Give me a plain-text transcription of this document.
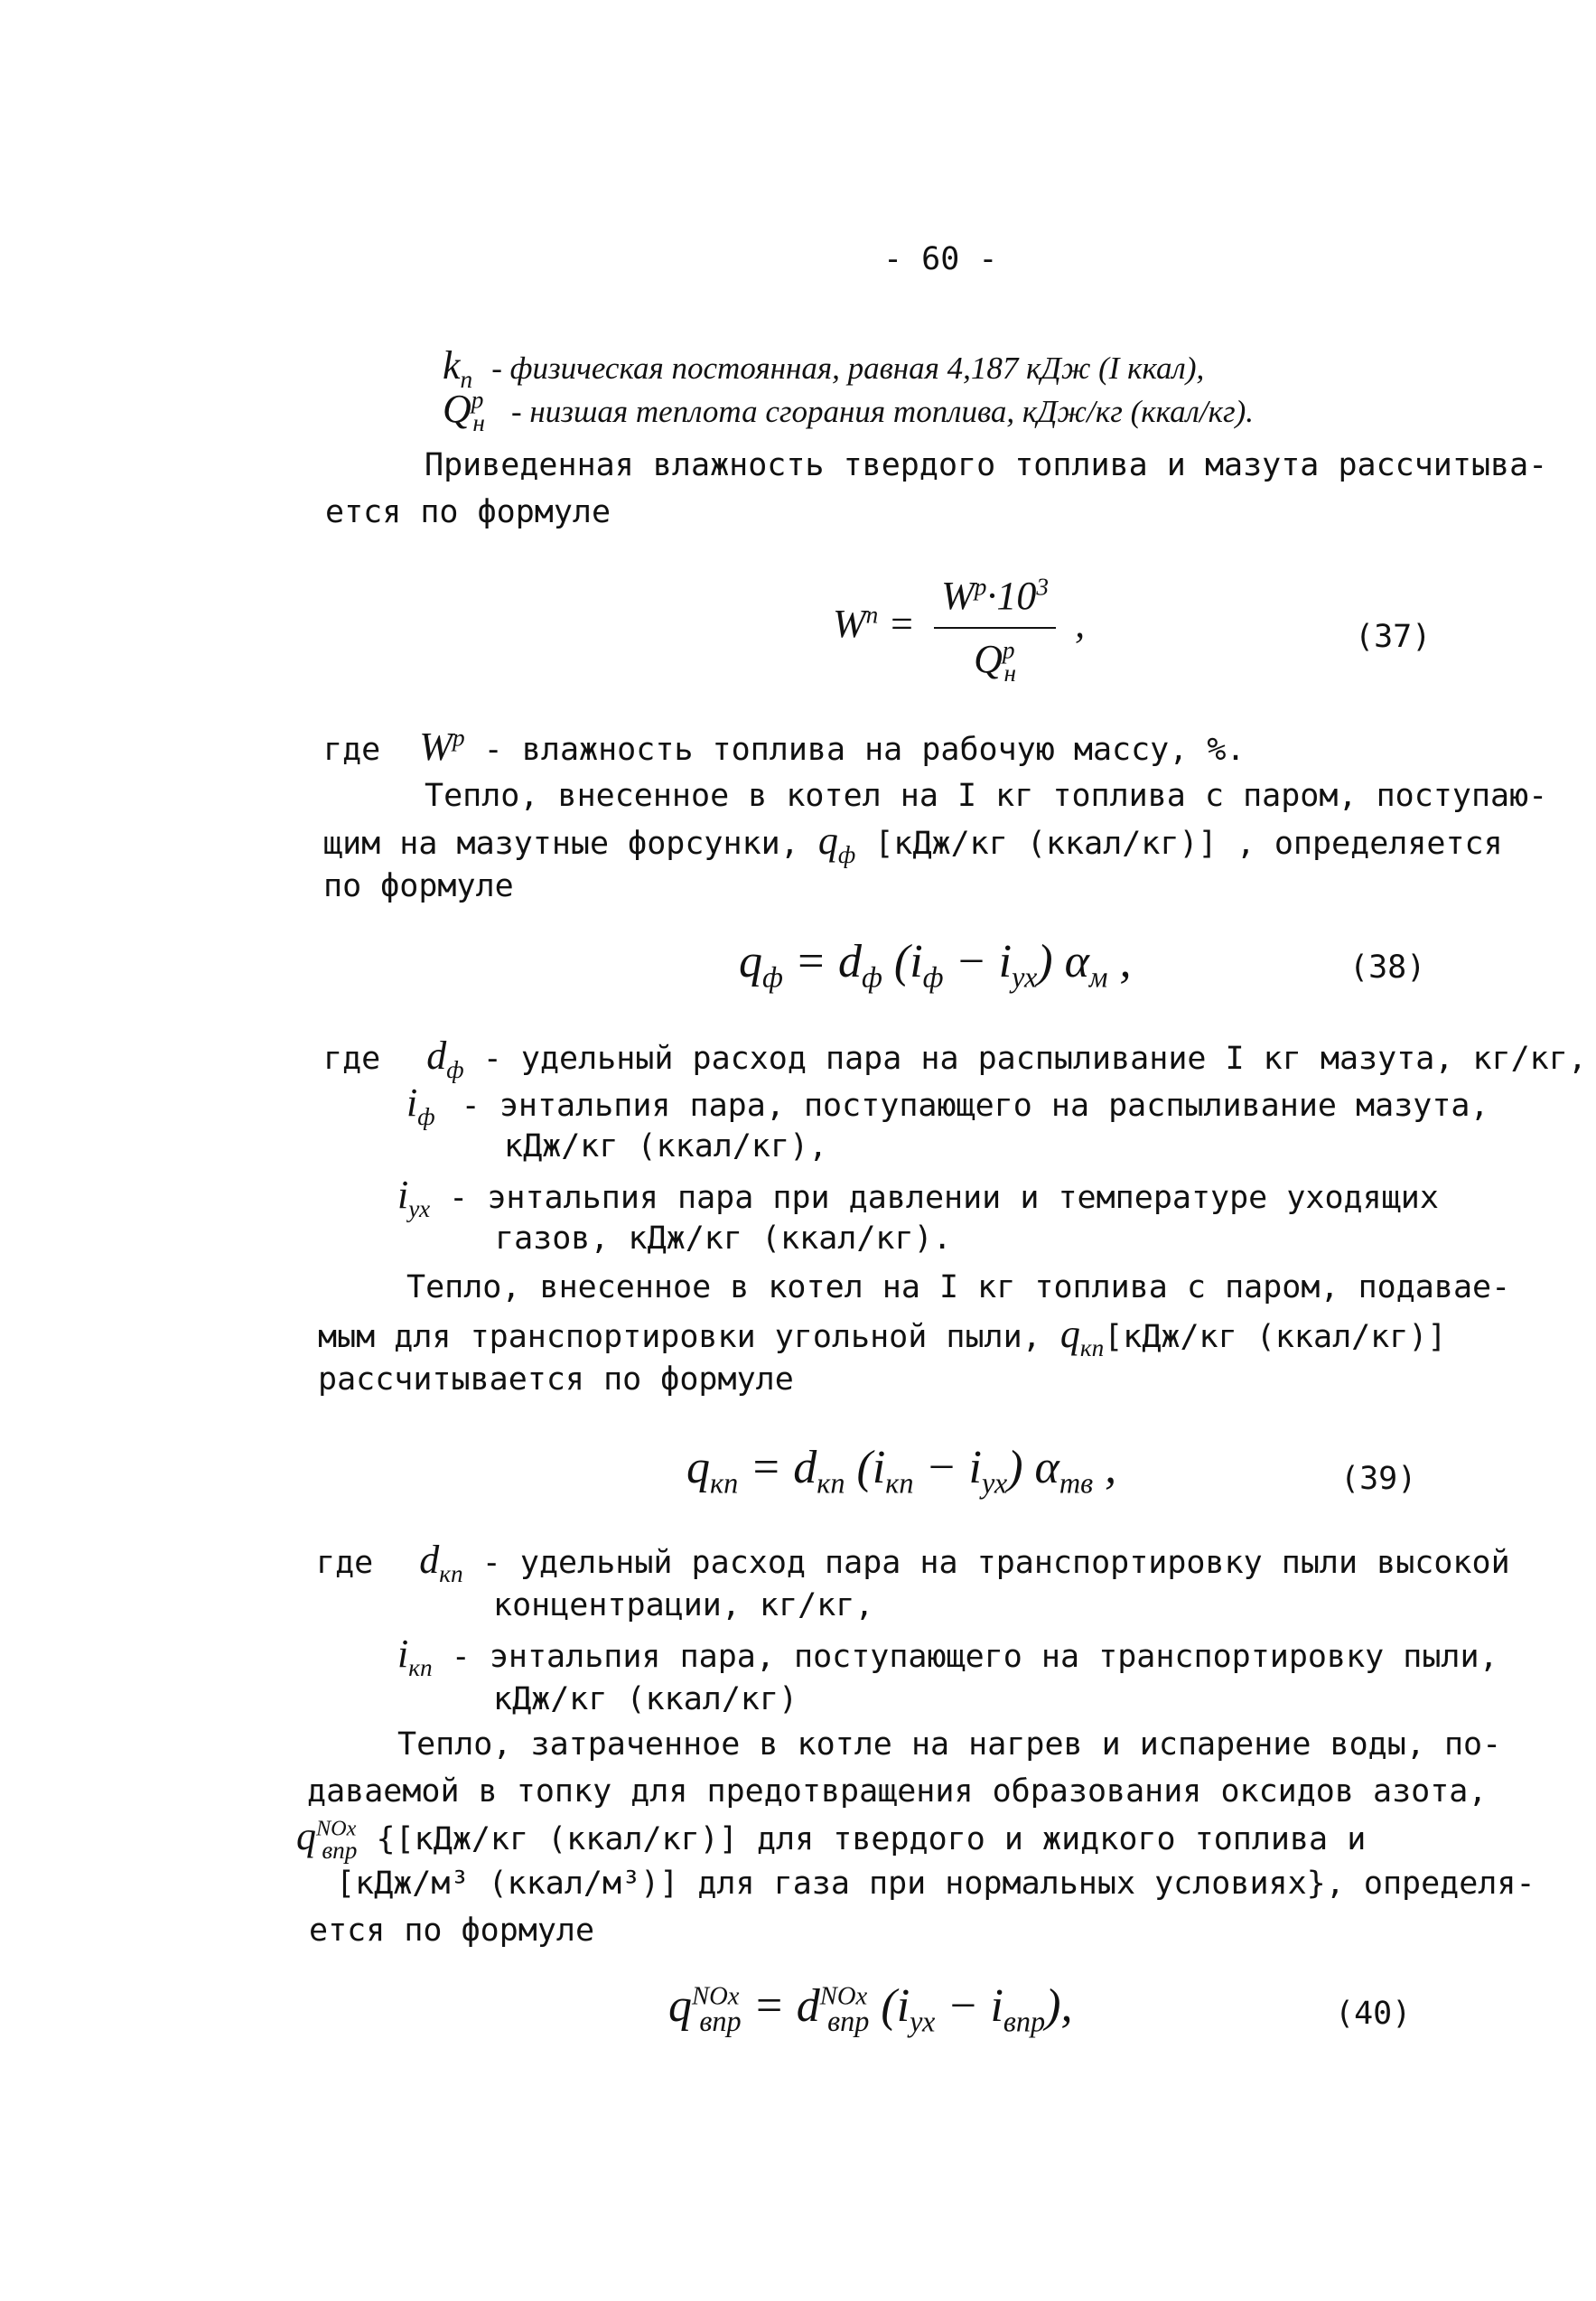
- 60 -
$k_п$ - физическая постоянная, равная 4,187 кДж (I ккал),
$Q^р_н$ - низшая теплота сгорания топлива, кДж/кг (ккал/кг).
Приведенная влажность твердого топлива и мазута рассчитыва-
ется по формуле
$W^n = \frac{W^р\cdot 10^3}{Q^р_н}$ ,	(37)
где $W^р$ - влажность топлива на рабочую массу, %.
Тепло, внесенное в котел на I кг топлива с паром, поступаю-
щим на мазутные форсунки, $q_ф$ [кДж/кг (ккал/кг)] , определяется
по формуле
$q_ф = d_ф$ $(i_ф - i_{ух})$ $\alpha_м$ ,	(38)
где $d_ф$ - удельный расход пара на распыливание I кг мазута, кг/кг,
$i_ф$ - энтальпия пара, поступающего на распыливание мазута,
кДж/кг (ккал/кг),
$i_{ух}$ - энтальпия пара при давлении и температуре уходящих
газов, кДж/кг (ккал/кг).
Тепло, внесенное в котел на I кг топлива с паром, подавае-
мым для транспортировки угольной пыли, $q_{кп}[кДж/кг$ (ккал/кг)]
рассчитывается по формуле
$q_{кп} = d_{кп}$ $(i_{кп} - i_{ух})$ $\alpha_{тв}$ ,	(39)
где $d_{кп}$ - удельный расход пара на транспортировку пыли высокой
концентрации, кг/кг,
$i_{кп}$ - энтальпия пара, поступающего на транспортировку пыли,
кДж/кг (ккал/кг)
Тепло, затраченное в котле на нагрев и испарение воды, по-
даваемой в топку для предотвращения образования оксидов азота,
$q^{NOx}_{впр}$ {[кДж/кг (ккал/кг)] для твердого и жидкого топлива и
[кДж/м³ (ккал/м³)] для газа при нормальных условиях}, определя-
ется по формуле
$q^{NOx}_{впр} = d^{NOx}_{впр}$ $(i_{ух} - i_{впр})$,	(40)
